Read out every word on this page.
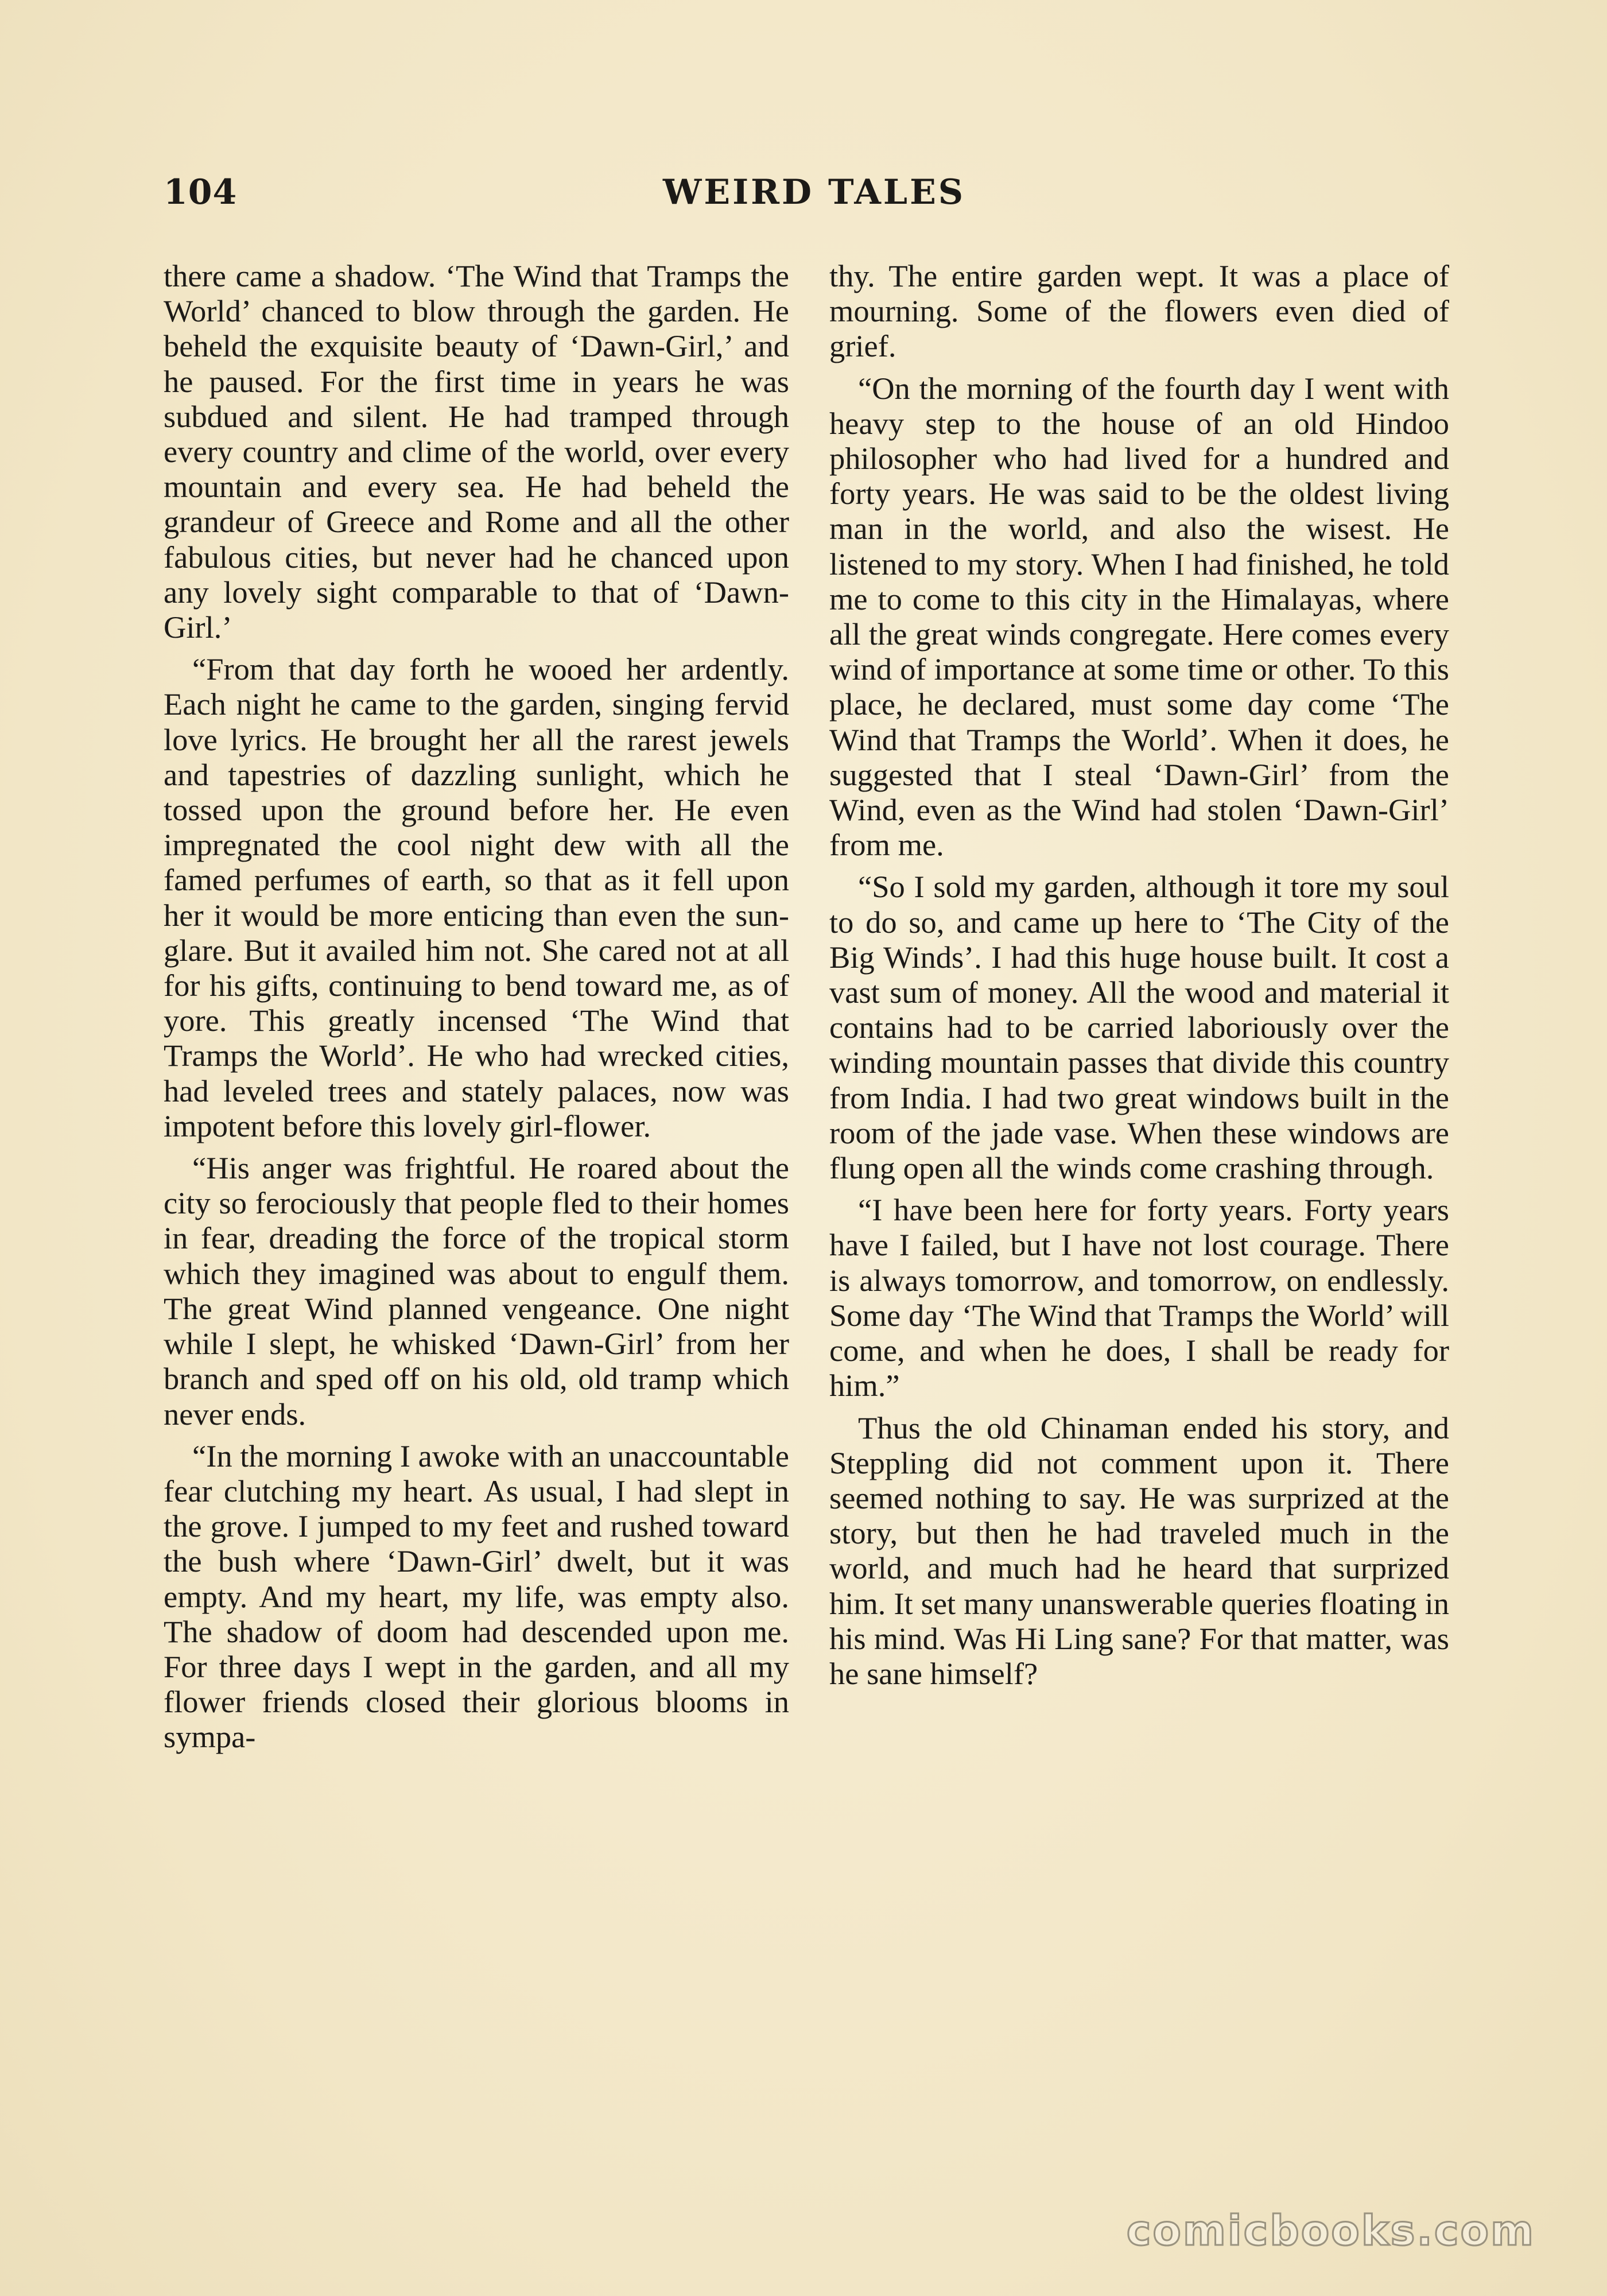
104	WEIRD TALES

there came a shadow. ‘The Wind that Tramps the World’ chanced to blow through the garden. He beheld the exquisite beauty of ‘Dawn-Girl,’ and he paused. For the first time in years he was subdued and silent. He had tramped through every country and clime of the world, over every mountain and every sea. He had beheld the grandeur of Greece and Rome and all the other fabulous cities, but never had he chanced upon any lovely sight comparable to that of ‘Dawn-Girl.’

“From that day forth he wooed her ardently. Each night he came to the garden, singing fervid love lyrics. He brought her all the rarest jewels and tapestries of dazzling sunlight, which he tossed upon the ground before her. He even impregnated the cool night dew with all the famed perfumes of earth, so that as it fell upon her it would be more enticing than even the sun-glare. But it availed him not. She cared not at all for his gifts, continuing to bend toward me, as of yore. This greatly incensed ‘The Wind that Tramps the World’. He who had wrecked cities, had leveled trees and stately palaces, now was impotent before this lovely girl-flower.

“His anger was frightful. He roared about the city so ferociously that people fled to their homes in fear, dreading the force of the tropical storm which they imagined was about to engulf them. The great Wind planned vengeance. One night while I slept, he whisked ‘Dawn-Girl’ from her branch and sped off on his old, old tramp which never ends.

“In the morning I awoke with an unaccountable fear clutching my heart. As usual, I had slept in the grove. I jumped to my feet and rushed toward the bush where ‘Dawn-Girl’ dwelt, but it was empty. And my heart, my life, was empty also. The shadow of doom had descended upon me. For three days I wept in the garden, and all my flower friends closed their glorious blooms in sympa-

thy. The entire garden wept. It was a place of mourning. Some of the flowers even died of grief.

“On the morning of the fourth day I went with heavy step to the house of an old Hindoo philosopher who had lived for a hundred and forty years. He was said to be the oldest living man in the world, and also the wisest. He listened to my story. When I had finished, he told me to come to this city in the Himalayas, where all the great winds congregate. Here comes every wind of importance at some time or other. To this place, he declared, must some day come ‘The Wind that Tramps the World’. When it does, he suggested that I steal ‘Dawn-Girl’ from the Wind, even as the Wind had stolen ‘Dawn-Girl’ from me.

“So I sold my garden, although it tore my soul to do so, and came up here to ‘The City of the Big Winds’. I had this huge house built. It cost a vast sum of money. All the wood and material it contains had to be carried laboriously over the winding mountain passes that divide this country from India. I had two great windows built in the room of the jade vase. When these windows are flung open all the winds come crashing through.

“I have been here for forty years. Forty years have I failed, but I have not lost courage. There is always tomorrow, and tomorrow, on endlessly. Some day ‘The Wind that Tramps the World’ will come, and when he does, I shall be ready for him.”

Thus the old Chinaman ended his story, and Steppling did not comment upon it. There seemed nothing to say. He was surprized at the story, but then he had traveled much in the world, and much had he heard that surprized him. It set many unanswerable queries floating in his mind. Was Hi Ling sane? For that matter, was he sane himself?

comicbooks.com
